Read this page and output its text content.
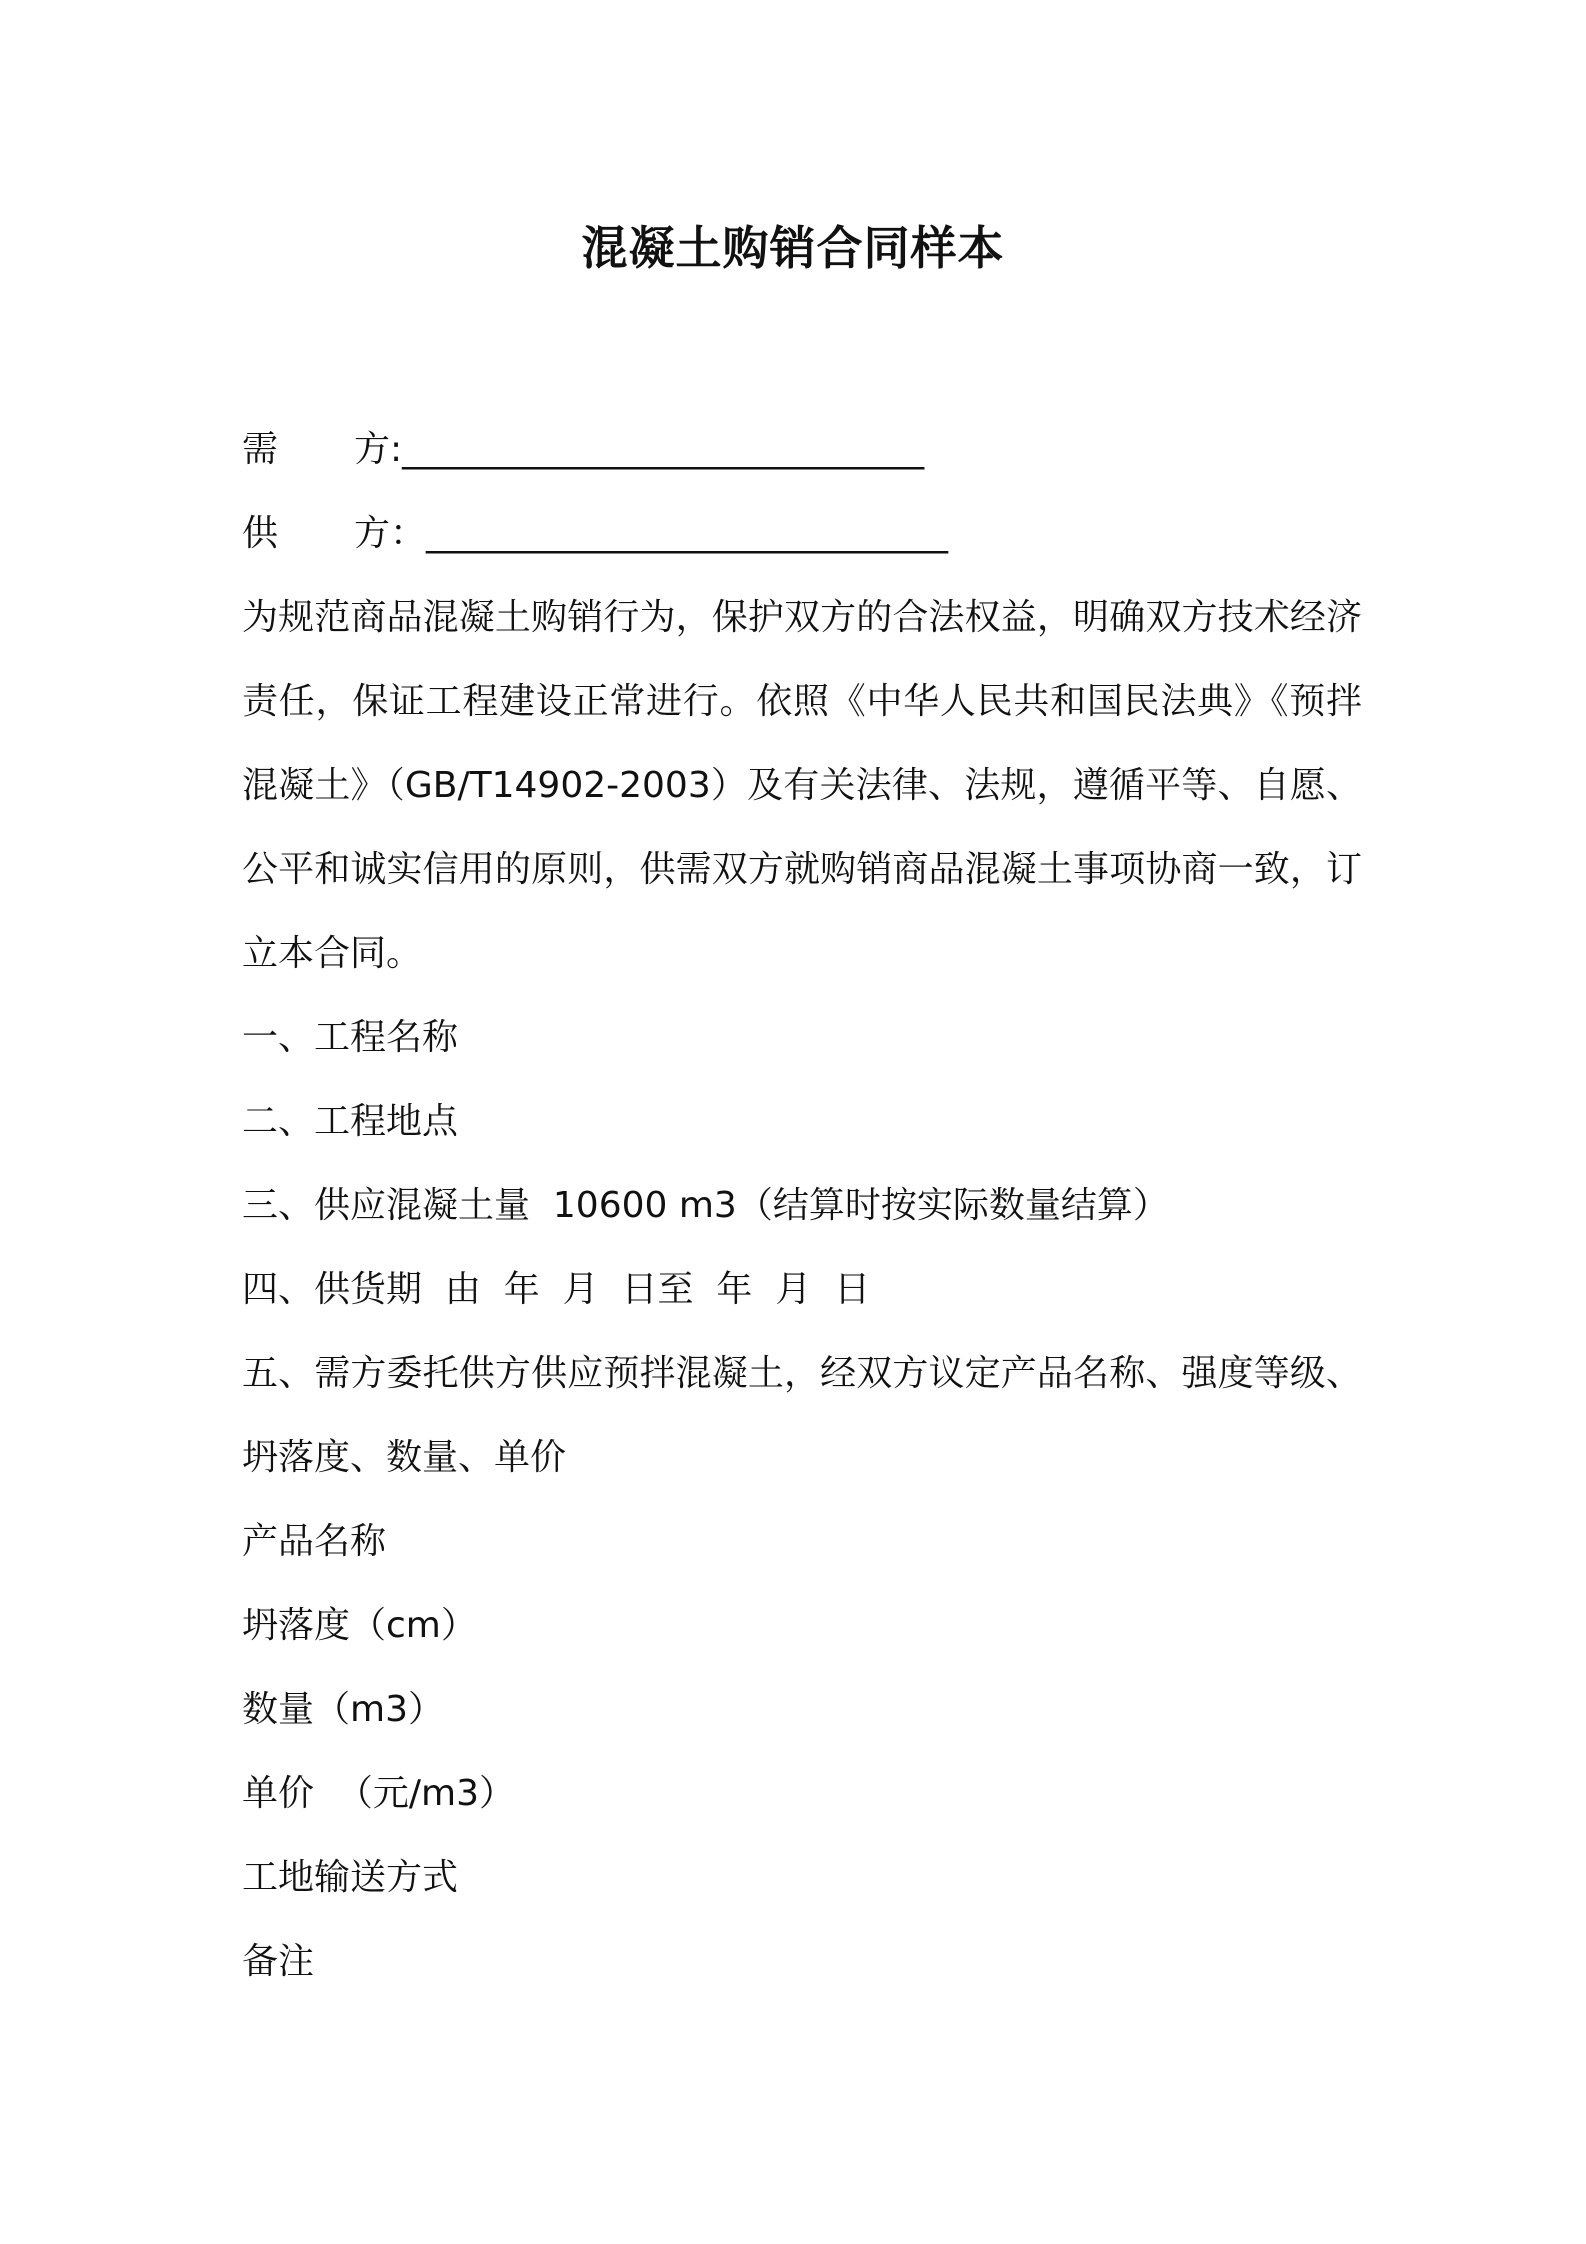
混凝土购销合同样本
需 方:_____________________________
供 方：_____________________________
为规范商品混凝土购销行为，保护双方的合法权益，明确双方技术经济责任，保证工程建设正常进行。依照《中华人民共和国民法典》《预拌混凝土》（GB/T14902-2003）及有关法律、法规，遵循平等、自愿、公平和诚实信用的原则，供需双方就购销商品混凝土事项协商一致，订立本合同。
一、工程名称
二、工程地点
三、供应混凝土量  10600 m3（结算时按实际数量结算）
四、供货期  由  年  月  日至  年  月  日
五、需方委托供方供应预拌混凝土，经双方议定产品名称、强度等级、坍落度、数量、单价
产品名称
坍落度（cm）
数量（m3）
单价  （元/m3）
工地输送方式
备注
